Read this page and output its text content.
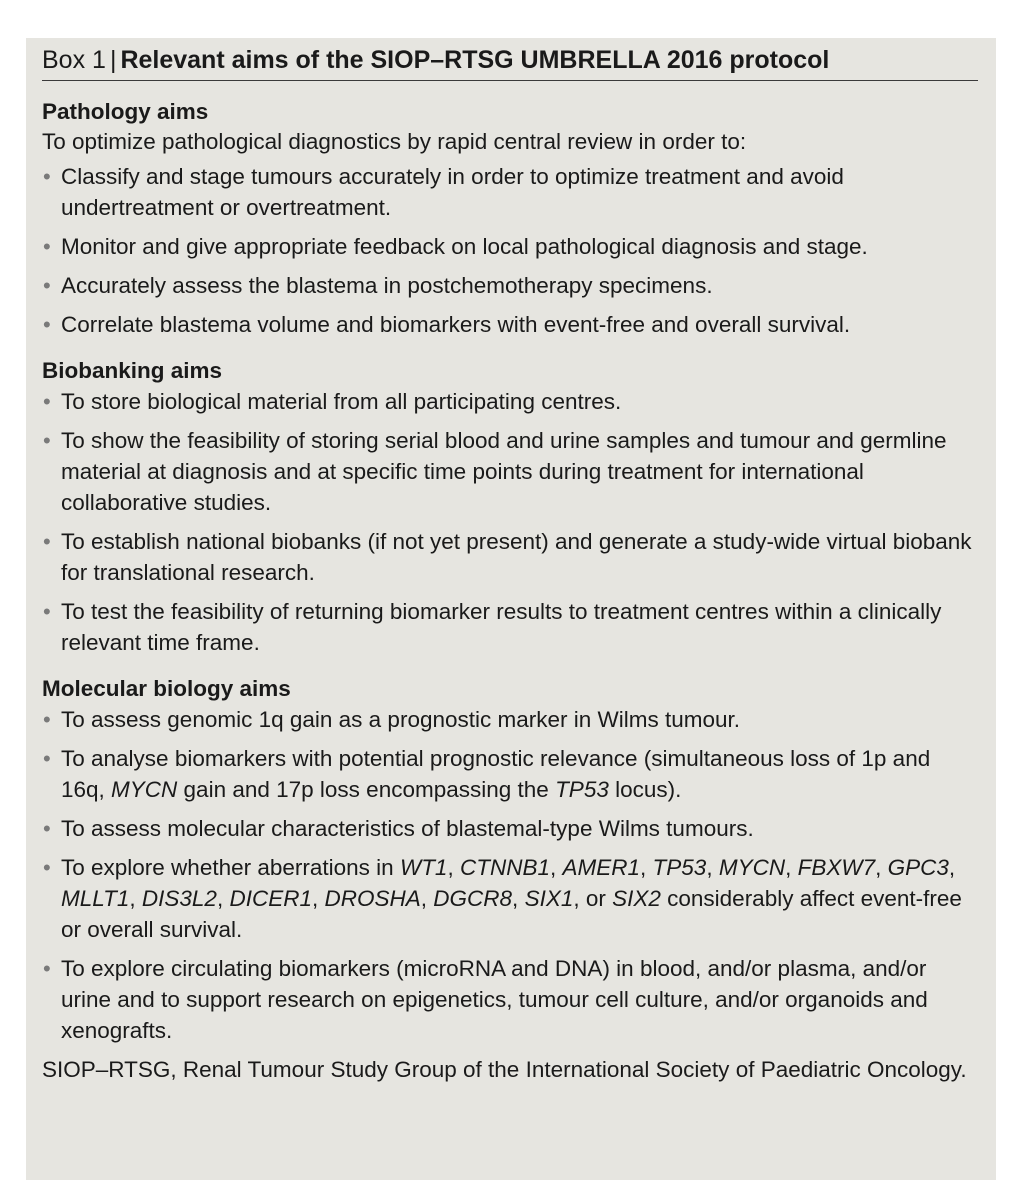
Box 1 | Relevant aims of the SIOP–RTSG UMBRELLA 2016 protocol
Pathology aims
To optimize pathological diagnostics by rapid central review in order to:
• Classify and stage tumours accurately in order to optimize treatment and avoid undertreatment or overtreatment.
• Monitor and give appropriate feedback on local pathological diagnosis and stage.
• Accurately assess the blastema in postchemotherapy specimens.
• Correlate blastema volume and biomarkers with event-free and overall survival.
Biobanking aims
• To store biological material from all participating centres.
• To show the feasibility of storing serial blood and urine samples and tumour and germline material at diagnosis and at specific time points during treatment for international collaborative studies.
• To establish national biobanks (if not yet present) and generate a study-wide virtual biobank for translational research.
• To test the feasibility of returning biomarker results to treatment centres within a clinically relevant time frame.
Molecular biology aims
• To assess genomic 1q gain as a prognostic marker in Wilms tumour.
• To analyse biomarkers with potential prognostic relevance (simultaneous loss of 1p and 16q, MYCN gain and 17p loss encompassing the TP53 locus).
• To assess molecular characteristics of blastemal-type Wilms tumours.
• To explore whether aberrations in WT1, CTNNB1, AMER1, TP53, MYCN, FBXW7, GPC3, MLLT1, DIS3L2, DICER1, DROSHA, DGCR8, SIX1, or SIX2 considerably affect event-free or overall survival.
• To explore circulating biomarkers (microRNA and DNA) in blood, and/or plasma, and/or urine and to support research on epigenetics, tumour cell culture, and/or organoids and xenografts.
SIOP–RTSG, Renal Tumour Study Group of the International Society of Paediatric Oncology.
